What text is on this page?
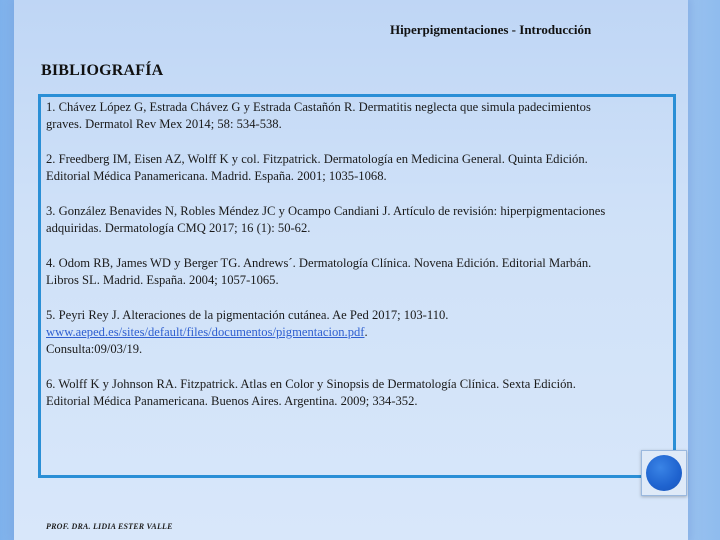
Hiperpigmentaciones - Introducción
BIBLIOGRAFÍA
1. Chávez López G, Estrada Chávez G y Estrada Castañón R. Dermatitis neglecta que simula padecimientos
graves. Dermatol Rev Mex 2014; 58: 534-538.
2. Freedberg IM, Eisen AZ, Wolff K y col. Fitzpatrick. Dermatología en Medicina General. Quinta Edición.
Editorial Médica Panamericana. Madrid. España. 2001; 1035-1068.
3. González Benavides N, Robles Méndez JC y Ocampo Candiani J. Artículo de revisión: hiperpigmentaciones
adquiridas. Dermatología CMQ 2017; 16 (1): 50-62.
4. Odom RB, James WD y Berger TG. Andrews´. Dermatología Clínica. Novena Edición. Editorial Marbán.
Libros SL. Madrid. España. 2004; 1057-1065.
5. Peyri Rey J. Alteraciones de la pigmentación cutánea. Ae Ped 2017; 103-110.
www.aeped.es/sites/default/files/documentos/pigmentacion.pdf.
Consulta:09/03/19.
6. Wolff K y Johnson RA. Fitzpatrick. Atlas en Color y Sinopsis de Dermatología Clínica. Sexta Edición.
Editorial Médica Panamericana. Buenos Aires. Argentina. 2009; 334-352.
PROF. DRA. LIDIA ESTER VALLE
